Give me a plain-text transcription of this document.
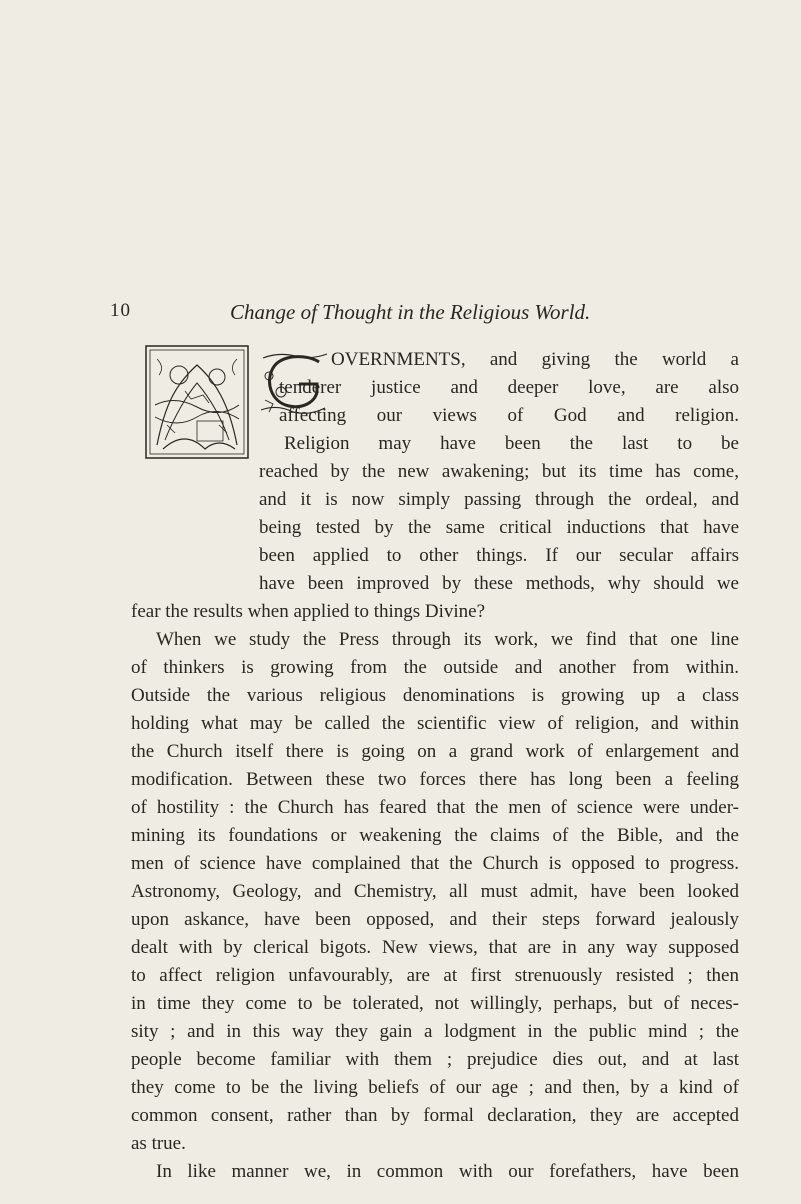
10	Change of Thought in the Religious World.
OVERNMENTS, and giving the world a
tenderer justice and deeper love, are also
affecting our views of God and religion.
Religion may have been the last to be
reached by the new awakening; but its time has come,
and it is now simply passing through the ordeal, and
being tested by the same critical inductions that have
been applied to other things. If our secular affairs
have been improved by these methods, why should we
fear the results when applied to things Divine?
When we study the Press through its work, we find that one line
of thinkers is growing from the outside and another from within.
Outside the various religious denominations is growing up a class
holding what may be called the scientific view of religion, and within
the Church itself there is going on a grand work of enlargement and
modification. Between these two forces there has long been a feeling
of hostility : the Church has feared that the men of science were under-
mining its foundations or weakening the claims of the Bible, and the
men of science have complained that the Church is opposed to progress.
Astronomy, Geology, and Chemistry, all must admit, have been looked
upon askance, have been opposed, and their steps forward jealously
dealt with by clerical bigots. New views, that are in any way supposed
to affect religion unfavourably, are at first strenuously resisted ; then
in time they come to be tolerated, not willingly, perhaps, but of neces-
sity ; and in this way they gain a lodgment in the public mind ; the
people become familiar with them ; prejudice dies out, and at last
they come to be the living beliefs of our age ; and then, by a kind of
common consent, rather than by formal declaration, they are accepted
as true.
In like manner we, in common with our forefathers, have been
